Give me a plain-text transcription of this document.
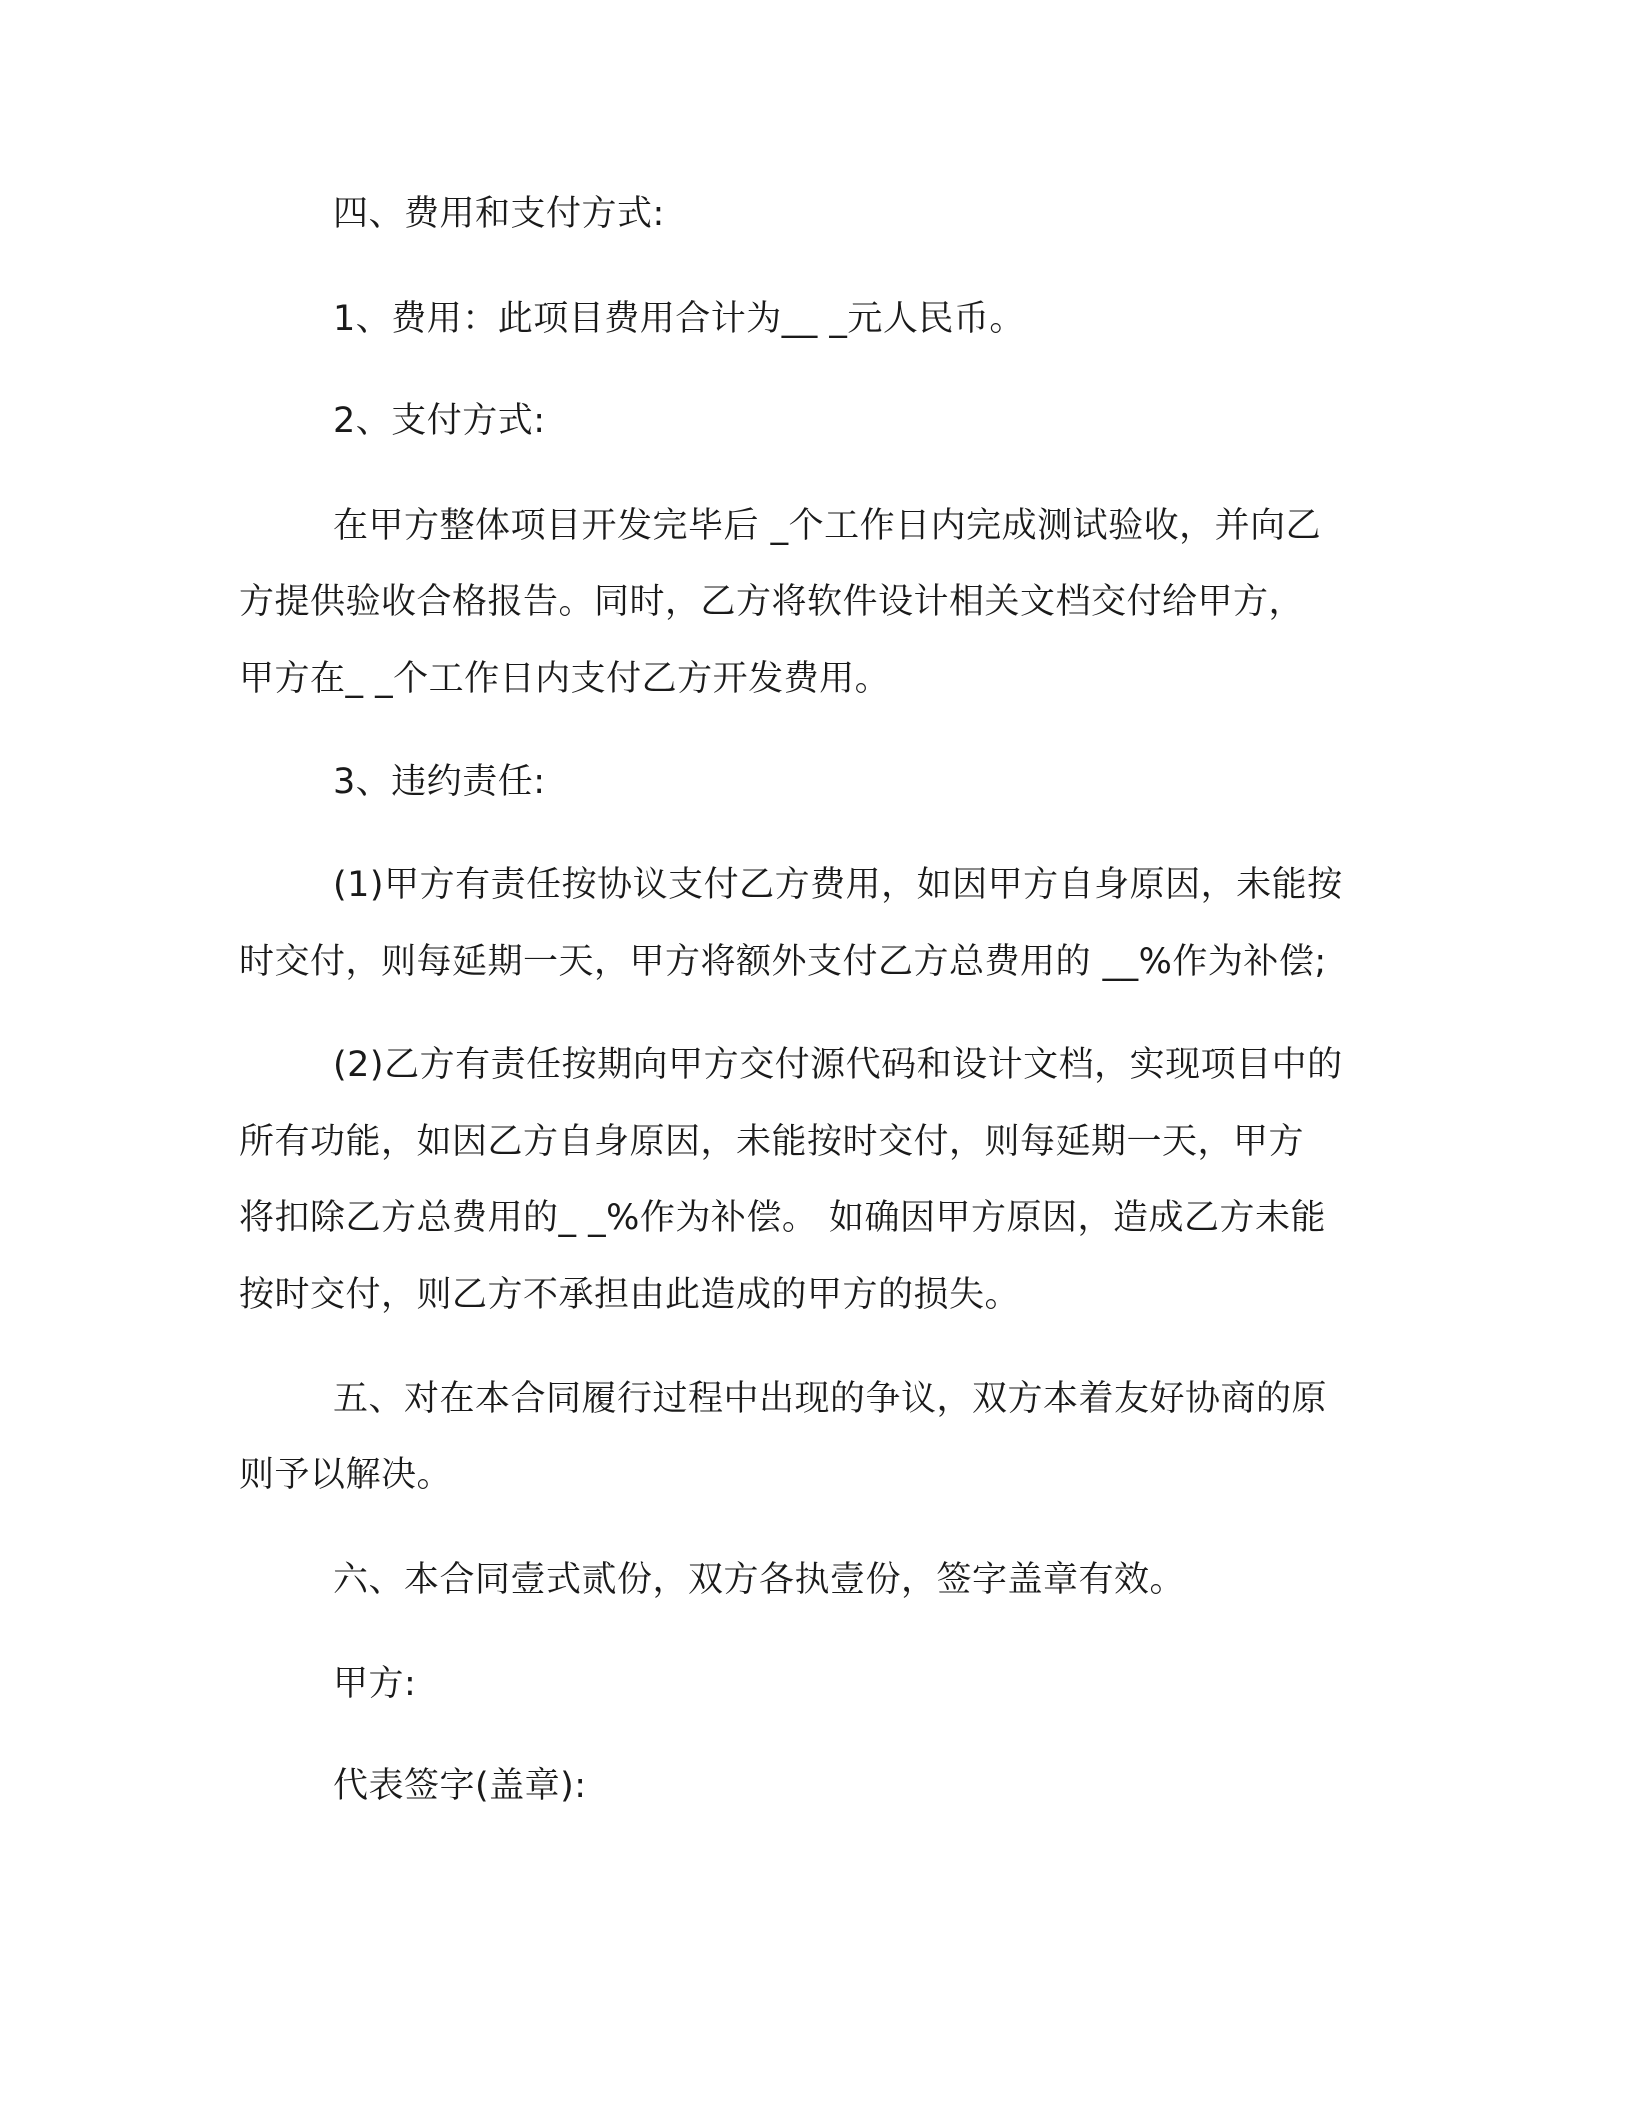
四、费用和支付方式:
1、费用：此项目费用合计为__ _元人民币。
2、支付方式:
在甲方整体项目开发完毕后 _个工作日内完成测试验收，并向乙
方提供验收合格报告。同时，乙方将软件设计相关文档交付给甲方，
甲方在_ _个工作日内支付乙方开发费用。
3、违约责任:
(1)甲方有责任按协议支付乙方费用，如因甲方自身原因，未能按
时交付，则每延期一天，甲方将额外支付乙方总费用的 __%作为补偿;
(2)乙方有责任按期向甲方交付源代码和设计文档，实现项目中的
所有功能，如因乙方自身原因，未能按时交付，则每延期一天，甲方
将扣除乙方总费用的_ _%作为补偿。 如确因甲方原因，造成乙方未能
按时交付，则乙方不承担由此造成的甲方的损失。
五、对在本合同履行过程中出现的争议，双方本着友好协商的原
则予以解决。
六、本合同壹式贰份，双方各执壹份，签字盖章有效。
甲方:
代表签字(盖章):
